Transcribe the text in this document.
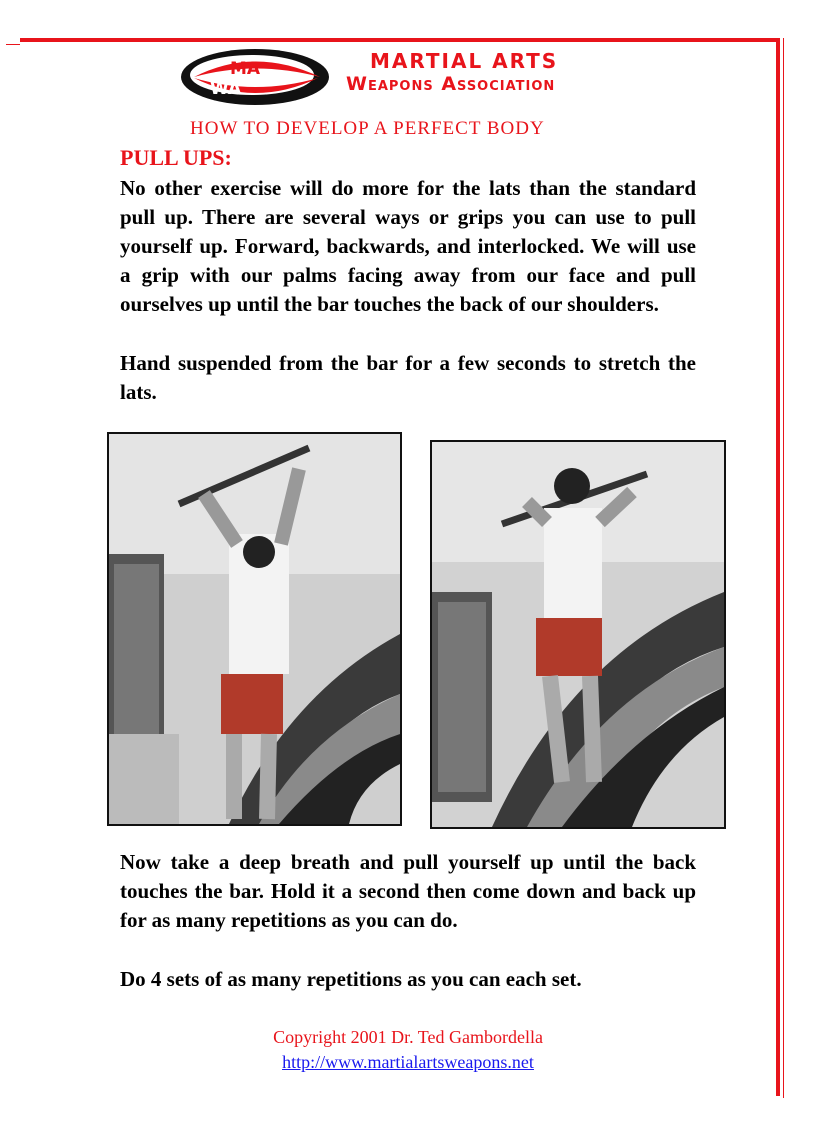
MA
WA
MARTIAL ARTS
Weapons Association
HOW TO DEVELOP A PERFECT BODY
PULL UPS:

No other exercise will do more for the lats than the standard pull up. There are several ways or grips you can use to pull yourself up. Forward, backwards, and interlocked. We will use a grip with our palms facing away from our face and pull ourselves up until the bar touches the back of our shoulders.

Hand suspended from the bar for a few seconds to stretch the lats.

Now take a deep breath and pull yourself up until the back touches the bar. Hold it a second then come down and back up for as many repetitions as you can do.

Do 4 sets of as many repetitions as you can each set.

Copyright 2001 Dr. Ted Gambordella
http://www.martialartsweapons.net
